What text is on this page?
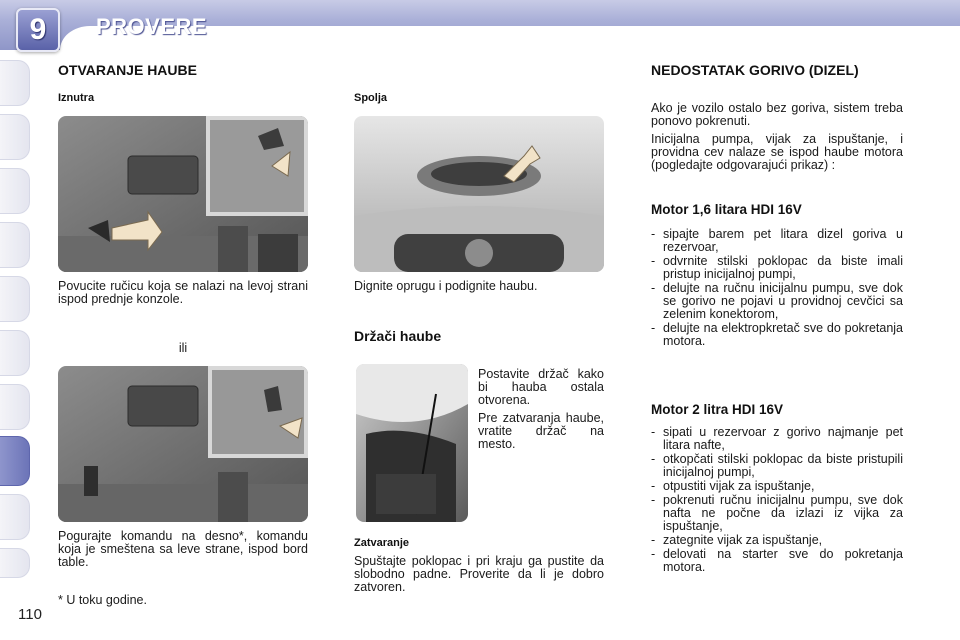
9 PROVERE
OTVARANJE HAUBE
Iznutra
Povucite ručicu koja se nalazi na levoj strani ispod prednje konzole.
ili
Pogurajte komandu na desno*, komandu koja je smeštena sa leve strane, ispod bord table.
* U toku godine.
Spolja
Dignite oprugu i podignite haubu.
Držači haube

Postavite držač kako bi hauba ostala otvorena.

Pre zatvaranja haube, vratite držač na mesto.

Zatvaranje
Spuštajte poklopac i pri kraju ga pustite da slobodno padne. Proverite da li je dobro zatvoren.
NEDOSTATAK GORIVO (DIZEL)

Ako je vozilo ostalo bez goriva, sistem treba ponovo pokrenuti.

Inicijalna pumpa, vijak za ispuštanje, i providna cev nalaze se ispod haube motora (pogledajte odgovarajući prikaz) :

Motor 1,6 litara HDI 16V
- sipajte barem pet litara dizel goriva u rezervoar,
- odvrnite stilski poklopac da biste imali pristup inicijalnoj pumpi,
- delujte na ručnu inicijalnu pumpu, sve dok se gorivo ne pojavi u providnoj cevčici sa zelenim konektorom,
- delujte na elektropkretač sve do pokretanja motora.
Motor 2 litra HDI 16V
- sipati u rezervoar z gorivo najmanje pet litara nafte,
- otkopčati stilski poklopac da biste pristupili inicijalnoj pumpi,
- otpustiti vijak za ispuštanje,
- pokrenuti ručnu inicijalnu pumpu, sve dok nafta ne počne da izlazi iz vijka za ispuštanje,
- zategnite vijak za ispuštanje,
- delovati na starter sve do pokretanja motora.
110
